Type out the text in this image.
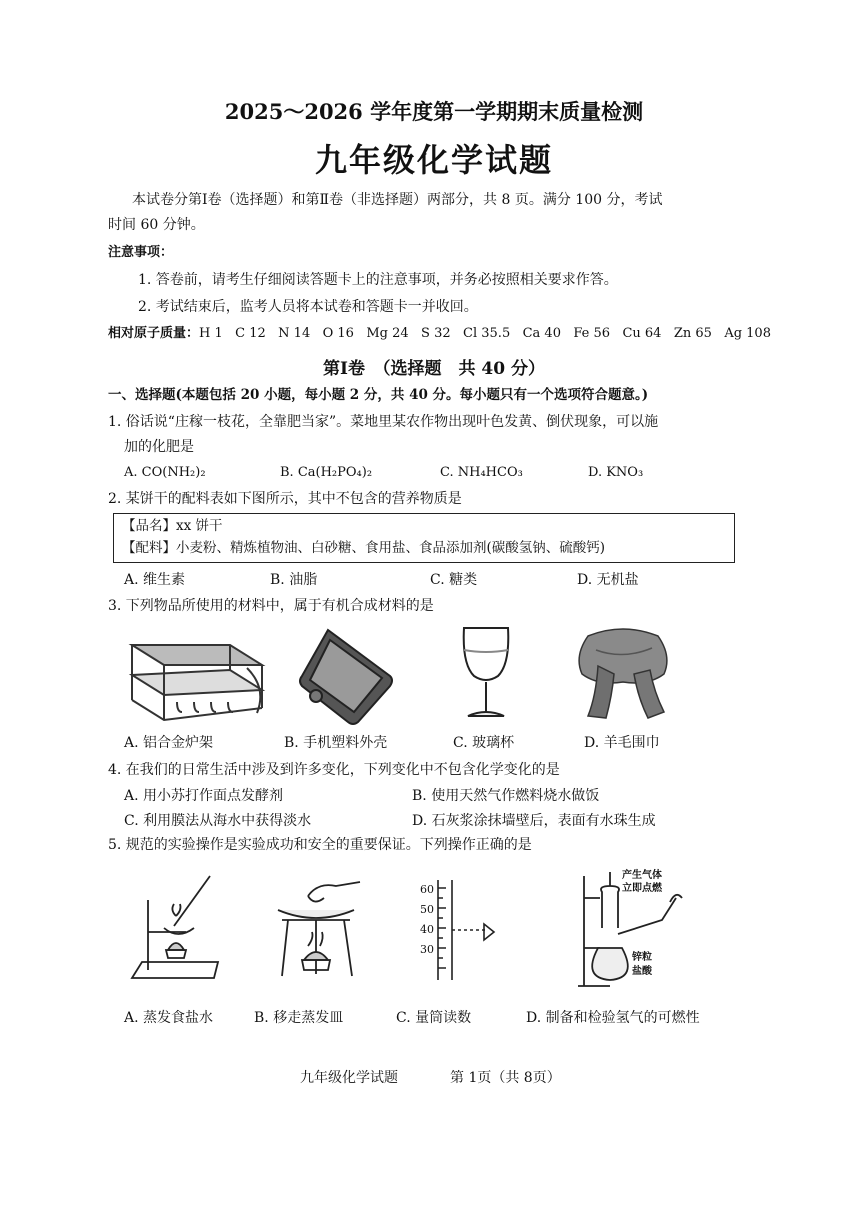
2025～2026 学年度第一学期期末质量检测
九年级化学试题
本试卷分第Ⅰ卷（选择题）和第Ⅱ卷（非选择题）两部分，共 8 页。满分 100 分，考试
时间 60 分钟。
注意事项：
1. 答卷前，请考生仔细阅读答题卡上的注意事项，并务必按照相关要求作答。
2. 考试结束后，监考人员将本试卷和答题卡一并收回。
相对原子质量：H 1   C 12   N 14   O 16   Mg 24   S 32   Cl 35.5   Ca 40   Fe 56   Cu 64   Zn 65   Ag 108
第Ⅰ卷　（选择题　共 40 分）
一、选择题(本题包括 20 小题，每小题 2 分，共 40 分。每小题只有一个选项符合题意。)
1. 俗话说“庄稼一枝花，全靠肥当家”。菜地里某农作物出现叶色发黄、倒伏现象，可以施
加的化肥是
A. CO(NH₂)₂	B. Ca(H₂PO₄)₂	C. NH₄HCO₃	D. KNO₃
2. 某饼干的配料表如下图所示，其中不包含的营养物质是
【品名】xx 饼干
【配料】小麦粉、精炼植物油、白砂糖、食用盐、食品添加剂(碳酸氢钠、硫酸钙)
A. 维生素	B. 油脂	C. 糖类	D. 无机盐
3. 下列物品所使用的材料中，属于有机合成材料的是
A. 铝合金炉架	B. 手机塑料外壳	C. 玻璃杯	D. 羊毛围巾
4. 在我们的日常生活中涉及到许多变化，下列变化中不包含化学变化的是
A. 用小苏打作面点发酵剂	B. 使用天然气作燃料烧水做饭
C. 利用膜法从海水中获得淡水	D. 石灰浆涂抹墙壁后，表面有水珠生成
5. 规范的实验操作是实验成功和安全的重要保证。下列操作正确的是
60
50
40
30
产生气体
立即点燃
锌粒
盐酸
A. 蒸发食盐水	B. 移走蒸发皿	C. 量筒读数	D. 制备和检验氢气的可燃性
九年级化学试题	第 1页（共 8页）
